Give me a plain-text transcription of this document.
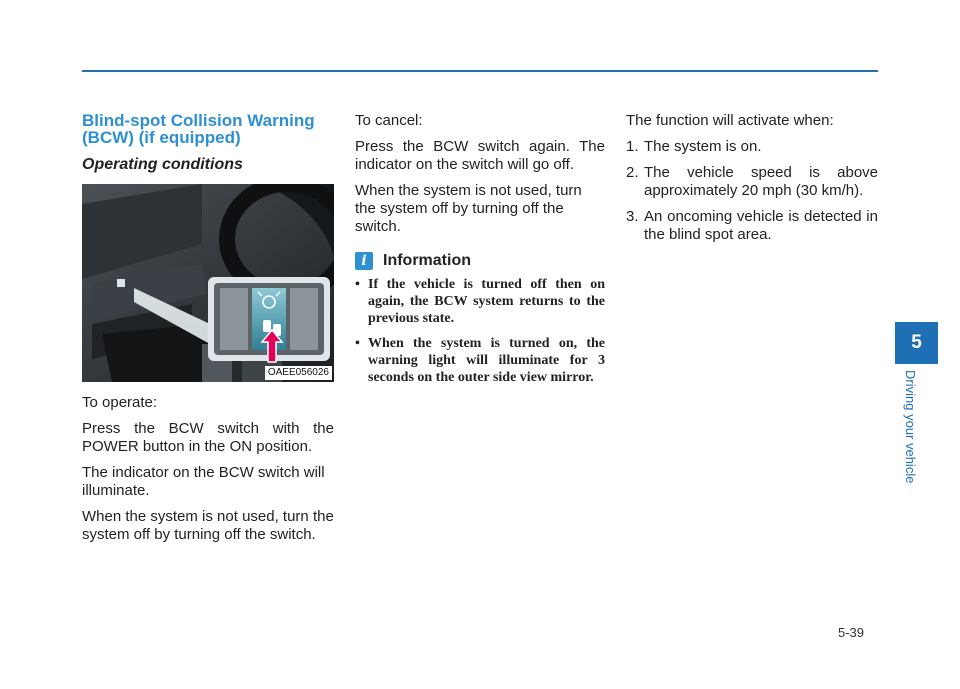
Blind-spot Collision Warning (BCW) (if equipped)
Operating conditions
OAEE056026

To operate:

Press the BCW switch with the POWER button in the ON position.

The indicator on the BCW switch will illuminate.

When the system is not used, turn the system off by turning off the switch.

To cancel:

Press the BCW switch again. The indicator on the switch will go off.

When the system is not used, turn the system off by turning off the switch.

i	Information
• If the vehicle is turned off then on again, the BCW system returns to the previous state.
• When the system is turned on, the warning light will illuminate for 3 seconds on the outer side view mirror.

The function will activate when:

1. The system is on.
2. The vehicle speed is above approximately 20 mph (30 km/h).
3. An oncoming vehicle is detected in the blind spot area.
5
Driving your vehicle
5-39
